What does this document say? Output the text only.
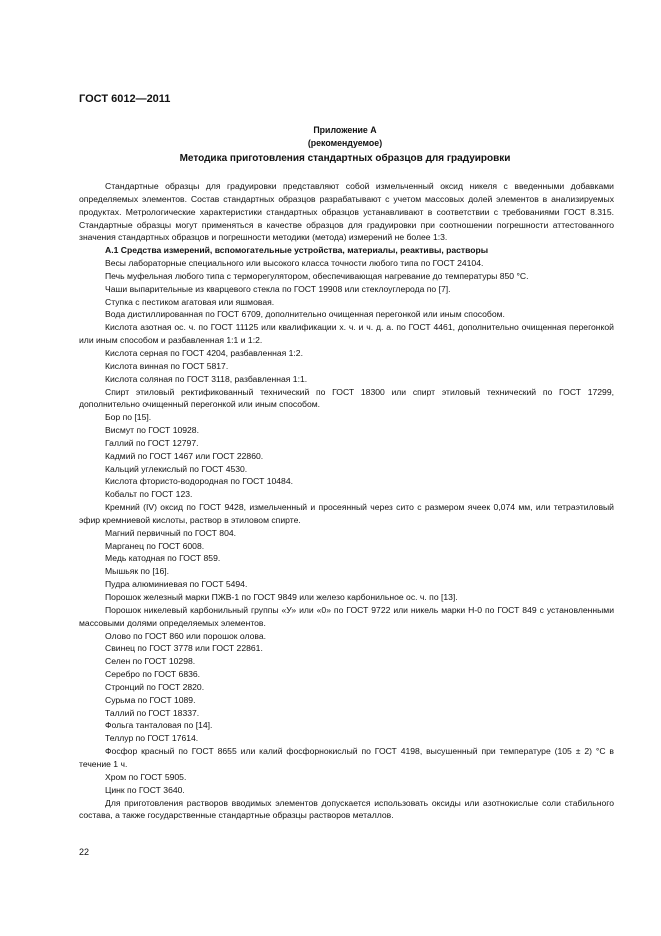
ГОСТ 6012—2011
Приложение А
(рекомендуемое)
Методика приготовления стандартных образцов для градуировки

Стандартные образцы для градуировки представляют собой измельченный оксид никеля с введенными добавками определяемых элементов. Состав стандартных образцов разрабатывают с учетом массовых долей элементов в анализируемых продуктах. Метрологические характеристики стандартных образцов устанавливают в соответствии с требованиями ГОСТ 8.315. Стандартные образцы могут применяться в качестве образцов для градуировки при соотношении погрешности аттестованного значения стандартных образцов и погрешности методики (метода) измерений не более 1:3.

А.1 Средства измерений, вспомогательные устройства, материалы, реактивы, растворы

Весы лабораторные специального или высокого класса точности любого типа по ГОСТ 24104.

Печь муфельная любого типа с терморегулятором, обеспечивающая нагревание до температуры 850 °С.

Чаши выпарительные из кварцевого стекла по ГОСТ 19908 или стеклоуглерода по [7].

Ступка с пестиком агатовая или яшмовая.

Вода дистиллированная по ГОСТ 6709, дополнительно очищенная перегонкой или иным способом.

Кислота азотная ос. ч. по ГОСТ 11125 или квалификации х. ч. и ч. д. а. по ГОСТ 4461, дополнительно очищенная перегонкой или иным способом и разбавленная 1:1 и 1:2.

Кислота серная по ГОСТ 4204, разбавленная 1:2.

Кислота винная по ГОСТ 5817.

Кислота соляная по ГОСТ 3118, разбавленная 1:1.

Спирт этиловый ректификованный технический по ГОСТ 18300 или спирт этиловый технический по ГОСТ 17299, дополнительно очищенный перегонкой или иным способом.

Бор по [15].

Висмут по ГОСТ 10928.

Галлий по ГОСТ 12797.

Кадмий по ГОСТ 1467 или ГОСТ 22860.

Кальций углекислый по ГОСТ 4530.

Кислота фтористо-водородная по ГОСТ 10484.

Кобальт по ГОСТ 123.

Кремний (IV) оксид по ГОСТ 9428, измельченный и просеянный через сито с размером ячеек 0,074 мм, или тетраэтиловый эфир кремниевой кислоты, раствор в этиловом спирте.

Магний первичный по ГОСТ 804.

Марганец по ГОСТ 6008.

Медь катодная по ГОСТ 859.

Мышьяк по [16].

Пудра алюминиевая по ГОСТ 5494.

Порошок железный марки ПЖВ-1 по ГОСТ 9849 или железо карбонильное ос. ч. по [13].

Порошок никелевый карбонильный группы «У» или «0» по ГОСТ 9722 или никель марки Н-0 по ГОСТ 849 с установленными массовыми долями определяемых элементов.

Олово по ГОСТ 860 или порошок олова.

Свинец по ГОСТ 3778 или ГОСТ 22861.

Селен по ГОСТ 10298.

Серебро по ГОСТ 6836.

Стронций по ГОСТ 2820.

Сурьма по ГОСТ 1089.

Таллий по ГОСТ 18337.

Фольга танталовая по [14].

Теллур по ГОСТ 17614.

Фосфор красный по ГОСТ 8655 или калий фосфорнокислый по ГОСТ 4198, высушенный при температуре (105 ± 2) °С в течение 1 ч.

Хром по ГОСТ 5905.

Цинк по ГОСТ 3640.

Для приготовления растворов вводимых элементов допускается использовать оксиды или азотнокислые соли стабильного состава, а также государственные стандартные образцы растворов металлов.

22
